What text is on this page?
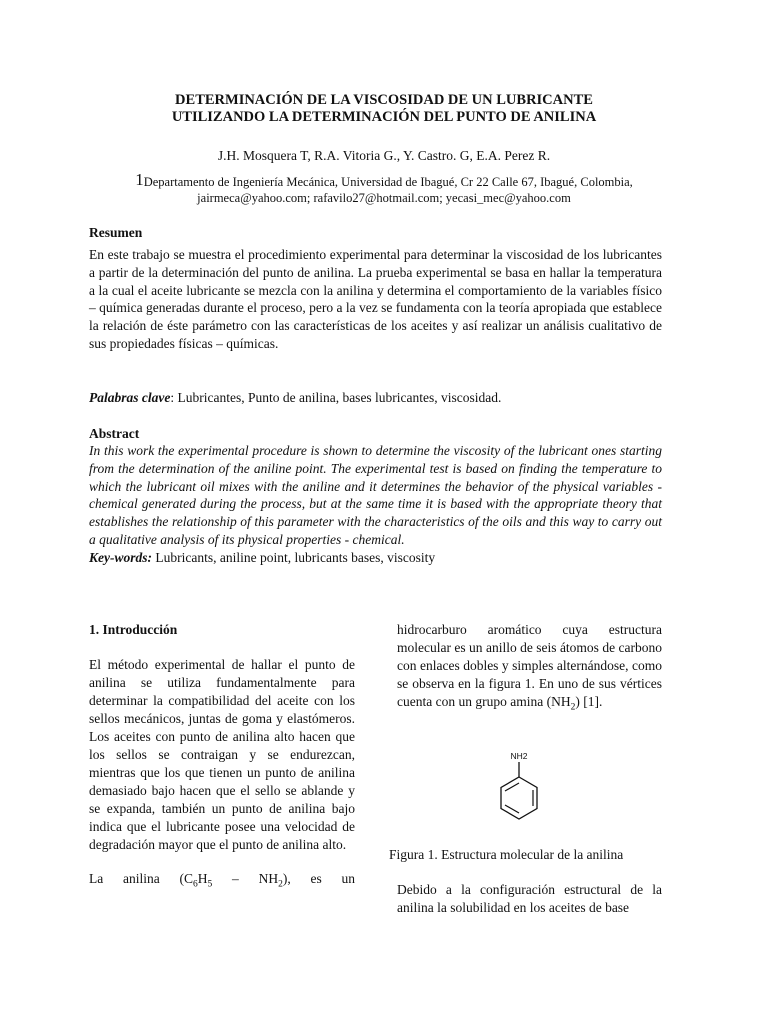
DETERMINACIÓN DE LA VISCOSIDAD DE UN LUBRICANTE
UTILIZANDO LA DETERMINACIÓN DEL PUNTO DE ANILINA
J.H. Mosquera T, R.A. Vitoria G., Y. Castro. G, E.A. Perez R.
1Departamento de Ingeniería Mecánica, Universidad de Ibagué, Cr 22 Calle 67, Ibagué, Colombia,
jairmeca@yahoo.com; rafavilo27@hotmail.com; yecasi_mec@yahoo.com
Resumen

En este trabajo se muestra el procedimiento experimental para determinar la viscosidad de los lubricantes a partir de la determinación del punto de anilina. La prueba experimental se basa en hallar la temperatura a la cual el aceite lubricante se mezcla con la anilina y determina el comportamiento de la variables físico – química generadas durante el proceso, pero a la vez se fundamenta con la teoría apropiada que establece la relación de éste parámetro con las características de los aceites y así realizar un análisis cualitativo de sus propiedades físicas – químicas.

Palabras clave: Lubricantes, Punto de anilina, bases lubricantes, viscosidad.

Abstract

In this work the experimental procedure is shown to determine the viscosity of the lubricant ones starting from the determination of the aniline point. The experimental test is based on finding the temperature to which the lubricant oil mixes with the aniline and it determines the behavior of the physical variables - chemical generated during the process, but at the same time it is based with the appropriate theory that establishes the relationship of this parameter with the characteristics of the oils and this way to carry out a qualitative analysis of its physical properties - chemical.

Key-words: Lubricants, aniline point, lubricants bases, viscosity

1. Introducción

El método experimental de hallar el punto de anilina se utiliza fundamentalmente para determinar la compatibilidad del aceite con los sellos mecánicos, juntas de goma y elastómeros. Los aceites con punto de anilina alto hacen que los sellos se contraigan y se endurezcan, mientras que los que tienen un punto de anilina demasiado bajo hacen que el sello se ablande y se expanda, también un punto de anilina bajo indica que el lubricante posee una velocidad de degradación mayor que el punto de anilina alto.

La anilina $(C_6H_5 - NH_2)$, es un

hidrocarburo aromático cuya estructura molecular es un anillo de seis átomos de carbono con enlaces dobles y simples alternándose, como se observa en la figura 1. En uno de sus vértices cuenta con un grupo amina $(NH_2)$ [1].

NH2
Figura 1. Estructura molecular de la anilina

Debido a la configuración estructural de la anilina la solubilidad en los aceites de base
